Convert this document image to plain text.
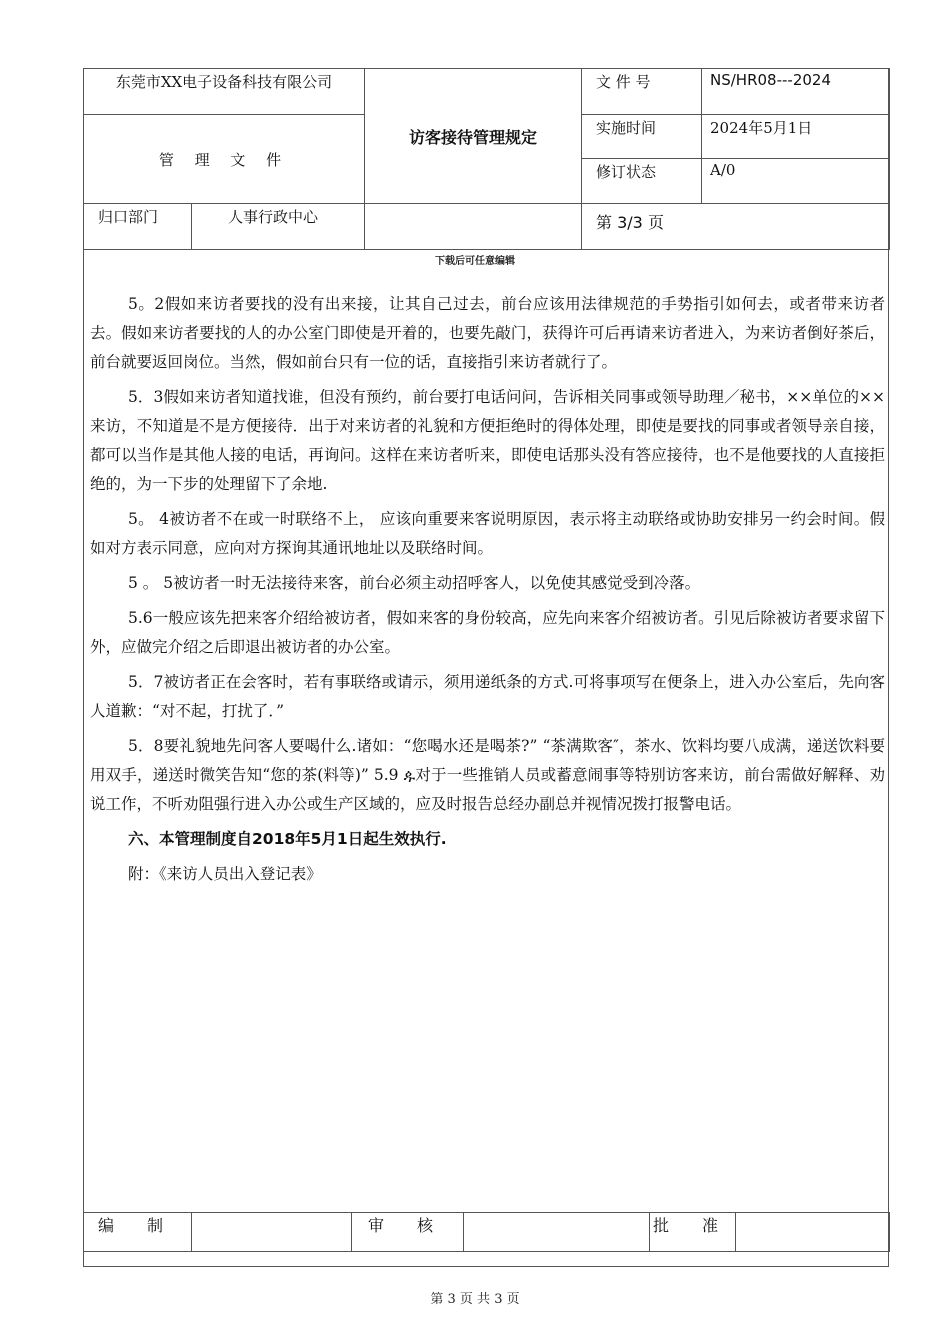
东莞市XX电子设备科技有限公司		访客接待管理规定	文 件 号	NS/HR08---2024
管 理 文 件			实施时间	2024年5月1日
			修订状态	A/0
归口部门	人事行政中心		第 3/3 页	
下载后可任意编辑

5。2假如来访者要找的没有出来接，让其自己过去，前台应该用法律规范的手势指引如何去，或者带来访者去。假如来访者要找的人的办公室门即使是开着的，也要先敲门，获得许可后再请来访者进入，为来访者倒好茶后，前台就要返回岗位。当然，假如前台只有一位的话，直接指引来访者就行了。

5．3假如来访者知道找谁，但没有预约，前台要打电话问问，告诉相关同事或领导助理／秘书，××单位的××来访，不知道是不是方便接待．出于对来访者的礼貌和方便拒绝时的得体处理，即使是要找的同事或者领导亲自接，都可以当作是其他人接的电话，再询问。这样在来访者听来，即使电话那头没有答应接待，也不是他要找的人直接拒绝的，为一下步的处理留下了余地.

5。 4被访者不在或一时联络不上， 应该向重要来客说明原因，表示将主动联络或协助安排另一约会时间。假如对方表示同意，应向对方探询其通讯地址以及联络时间。

5 。 5被访者一时无法接待来客，前台必须主动招呼客人，以免使其感觉受到冷落。

5.6一般应该先把来客介绍给被访者，假如来客的身份较高，应先向来客介绍被访者。引见后除被访者要求留下外，应做完介绍之后即退出被访者的办公室。

5．7被访者正在会客时，若有事联络或请示，须用递纸条的方式.可将事项写在便条上，进入办公室后，先向客人道歉：“对不起，打扰了．”

5．8要礼貌地先问客人要喝什么.诸如：“您喝水还是喝茶?” “茶满欺客″，茶水、饮料均要八成满，递送饮料要用双手，递送时微笑告知“您的茶(料等)” 5.9 ዹ对于一些推销人员或蓄意闹事等特别访客来访，前台需做好解释、劝说工作，不听劝阻强行进入办公或生产区域的，应及时报告总经办副总并视情况拨打报警电话。

六、本管理制度自2018年5月1日起生效执行.

附：《来访人员出入登记表》

编 制		审 核		批 准	
第 3 页 共 3 页
